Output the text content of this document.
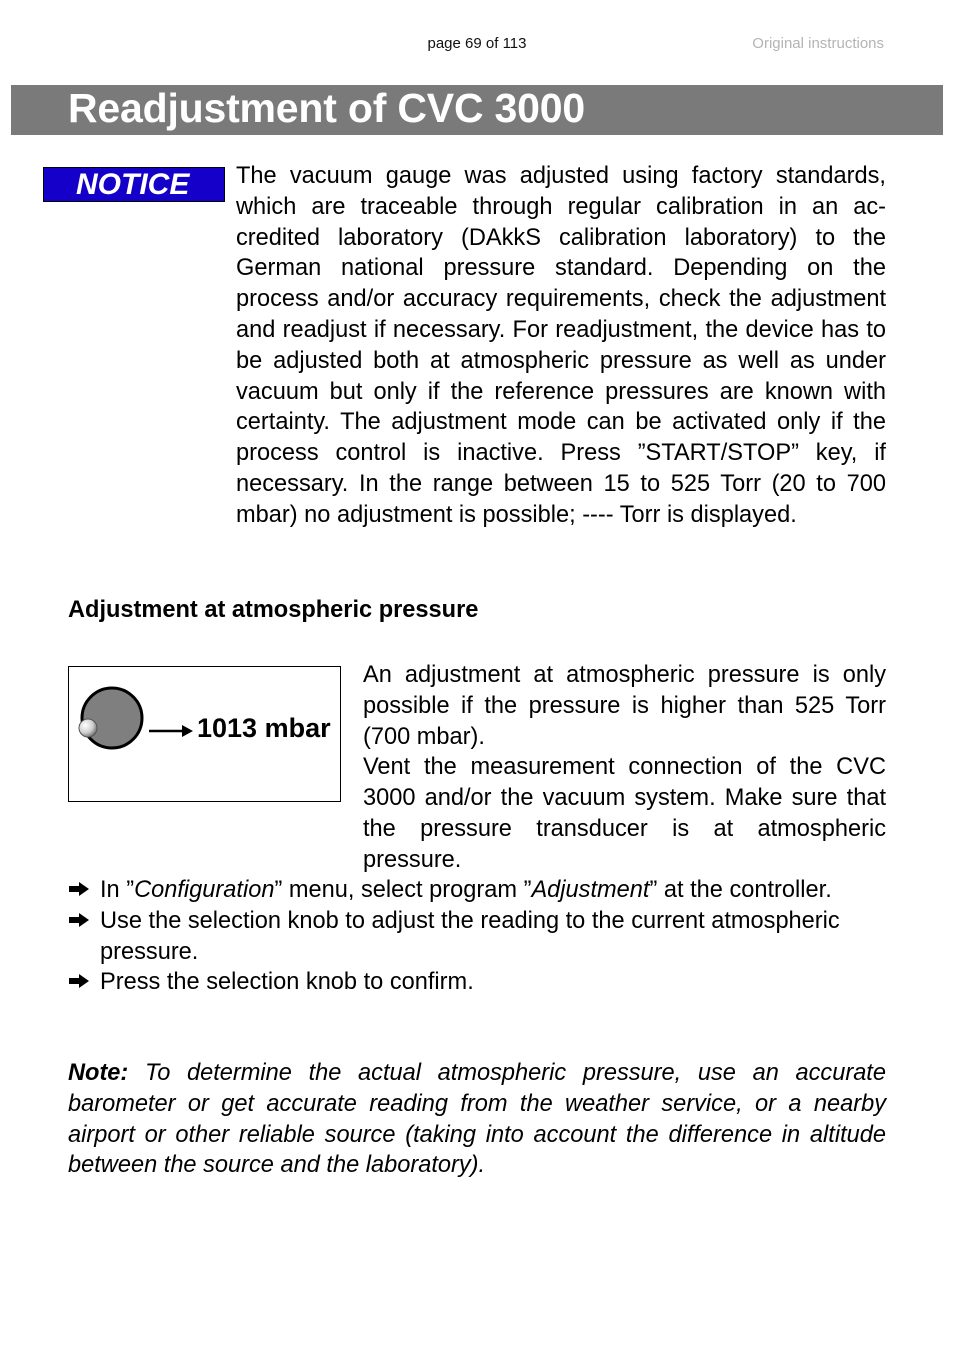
page 69 of 113	Original instructions
Readjustment of CVC 3000
NOTICE	The vacuum gauge was adjusted using factory standards, which are traceable through regular calibration in an accredited laboratory (DAkkS calibration laboratory) to the German national pressure standard. Depending on the process and/or accuracy requirements, check the adjustment and readjust if necessary. For readjustment, the device has to be adjusted both at atmospheric pressure as well as under vacuum but only if the reference pressures are known with certainty. The adjustment mode can be activated only if the process control is inactive. Press ”START/STOP” key, if necessary. In the range between 15 to 525 Torr (20 to 700 mbar) no adjustment is possible; ---- Torr is displayed.

Adjustment at atmospheric pressure
1013 mbar
An adjustment at atmospheric pressure is only possible if the pressure is higher than 525 Torr (700 mbar).
Vent the measurement connection of the CVC 3000 and/or the vacuum system. Make sure that the pressure transducer is at atmospheric pressure.
In ”Configuration” menu, select program ”Adjustment” at the controller.
Use the selection knob to adjust the reading to the current atmospheric pressure.
Press the selection knob to confirm.

Note: To determine the actual atmospheric pressure, use an accurate barometer or get accurate reading from the weather service, or a nearby airport or other reliable source (taking into account the difference in altitude between the source and the laboratory).
